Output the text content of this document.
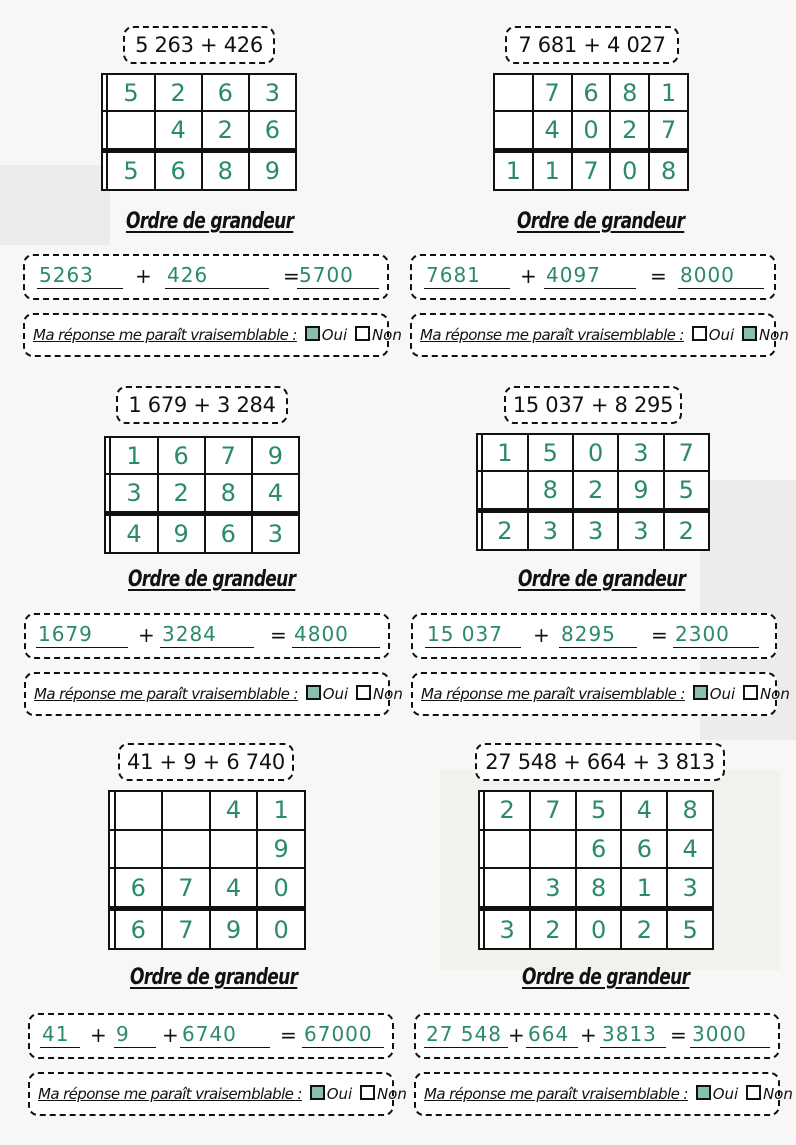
5 263 + 426
	5	2	6	3
		4	2	6
	5	6	8	9
Ordre de grandeur
5263	+ 426	= 5700
Ma réponse me paraît vraisemblable : Oui Non
7 681 + 4 027
	7	6	8	1
	4	0	2	7
1	1	7	0	8
Ordre de grandeur
7681	+ 4097	= 8000
Ma réponse me paraît vraisemblable : Oui Non
1 679 + 3 284
	1	6	7	9
	3	2	8	4
	4	9	6	3
Ordre de grandeur
1679	+ 3284	= 4800
Ma réponse me paraît vraisemblable : Oui Non
15 037 + 8 295
	1	5	0	3	7
		8	2	9	5
	2	3	3	3	2
Ordre de grandeur
15 037	+ 8295	= 2300
Ma réponse me paraît vraisemblable : Oui Non
41 + 9 + 6 740
			4	1
				9
	6	7	4	0
	6	7	9	0
Ordre de grandeur
41	+ 9	+ 6740	= 67000
Ma réponse me paraît vraisemblable : Oui Non
27 548 + 664 + 3 813
	2	7	5	4	8
			6	6	4
		3	8	1	3
	3	2	0	2	5
Ordre de grandeur
27 548 + 664 + 3813 = 3000
Ma réponse me paraît vraisemblable : Oui Non
